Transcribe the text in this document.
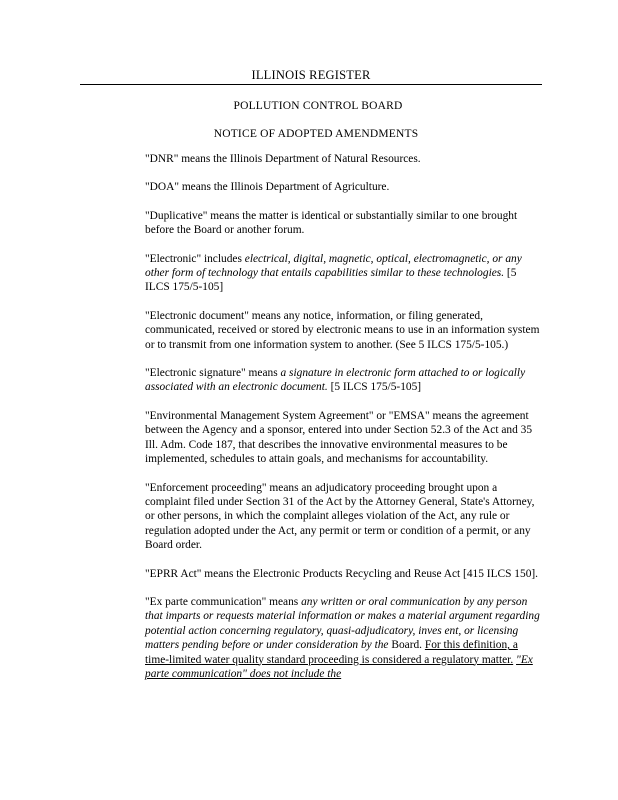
ILLINOIS REGISTER
POLLUTION CONTROL BOARD
NOTICE OF ADOPTED AMENDMENTS

"DNR" means the Illinois Department of Natural Resources.

"DOA" means the Illinois Department of Agriculture.

"Duplicative" means the matter is identical or substantially similar to one brought before the Board or another forum.

"Electronic" includes electrical, digital, magnetic, optical, electromagnetic, or any other form of technology that entails capabilities similar to these technologies. [5 ILCS 175/5-105]

"Electronic document" means any notice, information, or filing generated, communicated, received or stored by electronic means to use in an information system or to transmit from one information system to another. (See 5 ILCS 175/5-105.)

"Electronic signature" means a signature in electronic form attached to or logically associated with an electronic document. [5 ILCS 175/5-105]

"Environmental Management System Agreement" or "EMSA" means the agreement between the Agency and a sponsor, entered into under Section 52.3 of the Act and 35 Ill. Adm. Code 187, that describes the innovative environmental measures to be implemented, schedules to attain goals, and mechanisms for accountability.

"Enforcement proceeding" means an adjudicatory proceeding brought upon a complaint filed under Section 31 of the Act by the Attorney General, State's Attorney, or other persons, in which the complaint alleges violation of the Act, any rule or regulation adopted under the Act, any permit or term or condition of a permit, or any Board order.

"EPRR Act" means the Electronic Products Recycling and Reuse Act [415 ILCS 150].

"Ex parte communication" means any written or oral communication by any person that imparts or requests material information or makes a material argument regarding potential action concerning regulatory, quasi-adjudicatory, inves ent, or licensing matters pending before or under consideration by the Board. For this definition, a time-limited water quality standard proceeding is considered a regulatory matter. "Ex parte communication" does not include the
